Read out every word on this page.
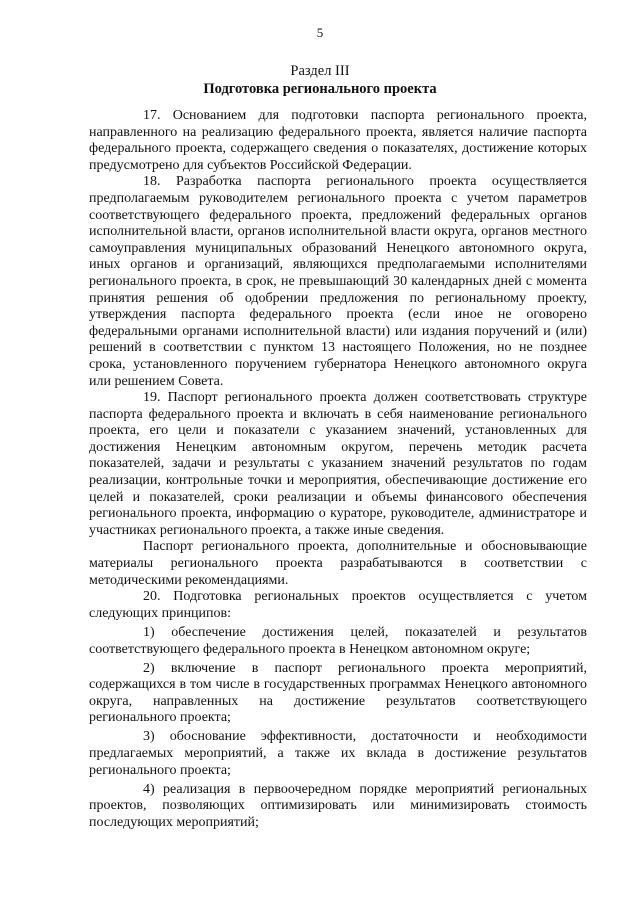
5
Раздел III
Подготовка регионального проекта

17. Основанием для подготовки паспорта регионального проекта, направленного на реализацию федерального проекта, является наличие паспорта федерального проекта, содержащего сведения о показателях, достижение которых предусмотрено для субъектов Российской Федерации.

18. Разработка паспорта регионального проекта осуществляется предполагаемым руководителем регионального проекта с учетом параметров соответствующего федерального проекта, предложений федеральных органов исполнительной власти, органов исполнительной власти округа, органов местного самоуправления муниципальных образований Ненецкого автономного округа, иных органов и организаций, являющихся предполагаемыми исполнителями регионального проекта, в срок, не превышающий 30 календарных дней с момента принятия решения об одобрении предложения по региональному проекту, утверждения паспорта федерального проекта (если иное не оговорено федеральными органами исполнительной власти) или издания поручений и (или) решений в соответствии с пунктом 13 настоящего Положения, но не позднее срока, установленного поручением губернатора Ненецкого автономного округа или решением Совета.

19. Паспорт регионального проекта должен соответствовать структуре паспорта федерального проекта и включать в себя наименование регионального проекта, его цели и показатели с указанием значений, установленных для достижения Ненецким автономным округом, перечень методик расчета показателей, задачи и результаты с указанием значений результатов по годам реализации, контрольные точки и мероприятия, обеспечивающие достижение его целей и показателей, сроки реализации и объемы финансового обеспечения регионального проекта, информацию о кураторе, руководителе, администраторе и участниках регионального проекта, а также иные сведения.

Паспорт регионального проекта, дополнительные и обосновывающие материалы регионального проекта разрабатываются в соответствии с методическими рекомендациями.

20. Подготовка региональных проектов осуществляется с учетом следующих принципов:

1) обеспечение достижения целей, показателей и результатов соответствующего федерального проекта в Ненецком автономном округе;

2) включение в паспорт регионального проекта мероприятий, содержащихся в том числе в государственных программах Ненецкого автономного округа, направленных на достижение результатов соответствующего регионального проекта;

3) обоснование эффективности, достаточности и необходимости предлагаемых мероприятий, а также их вклада в достижение результатов регионального проекта;

4) реализация в первоочередном порядке мероприятий региональных проектов, позволяющих оптимизировать или минимизировать стоимость последующих мероприятий;
